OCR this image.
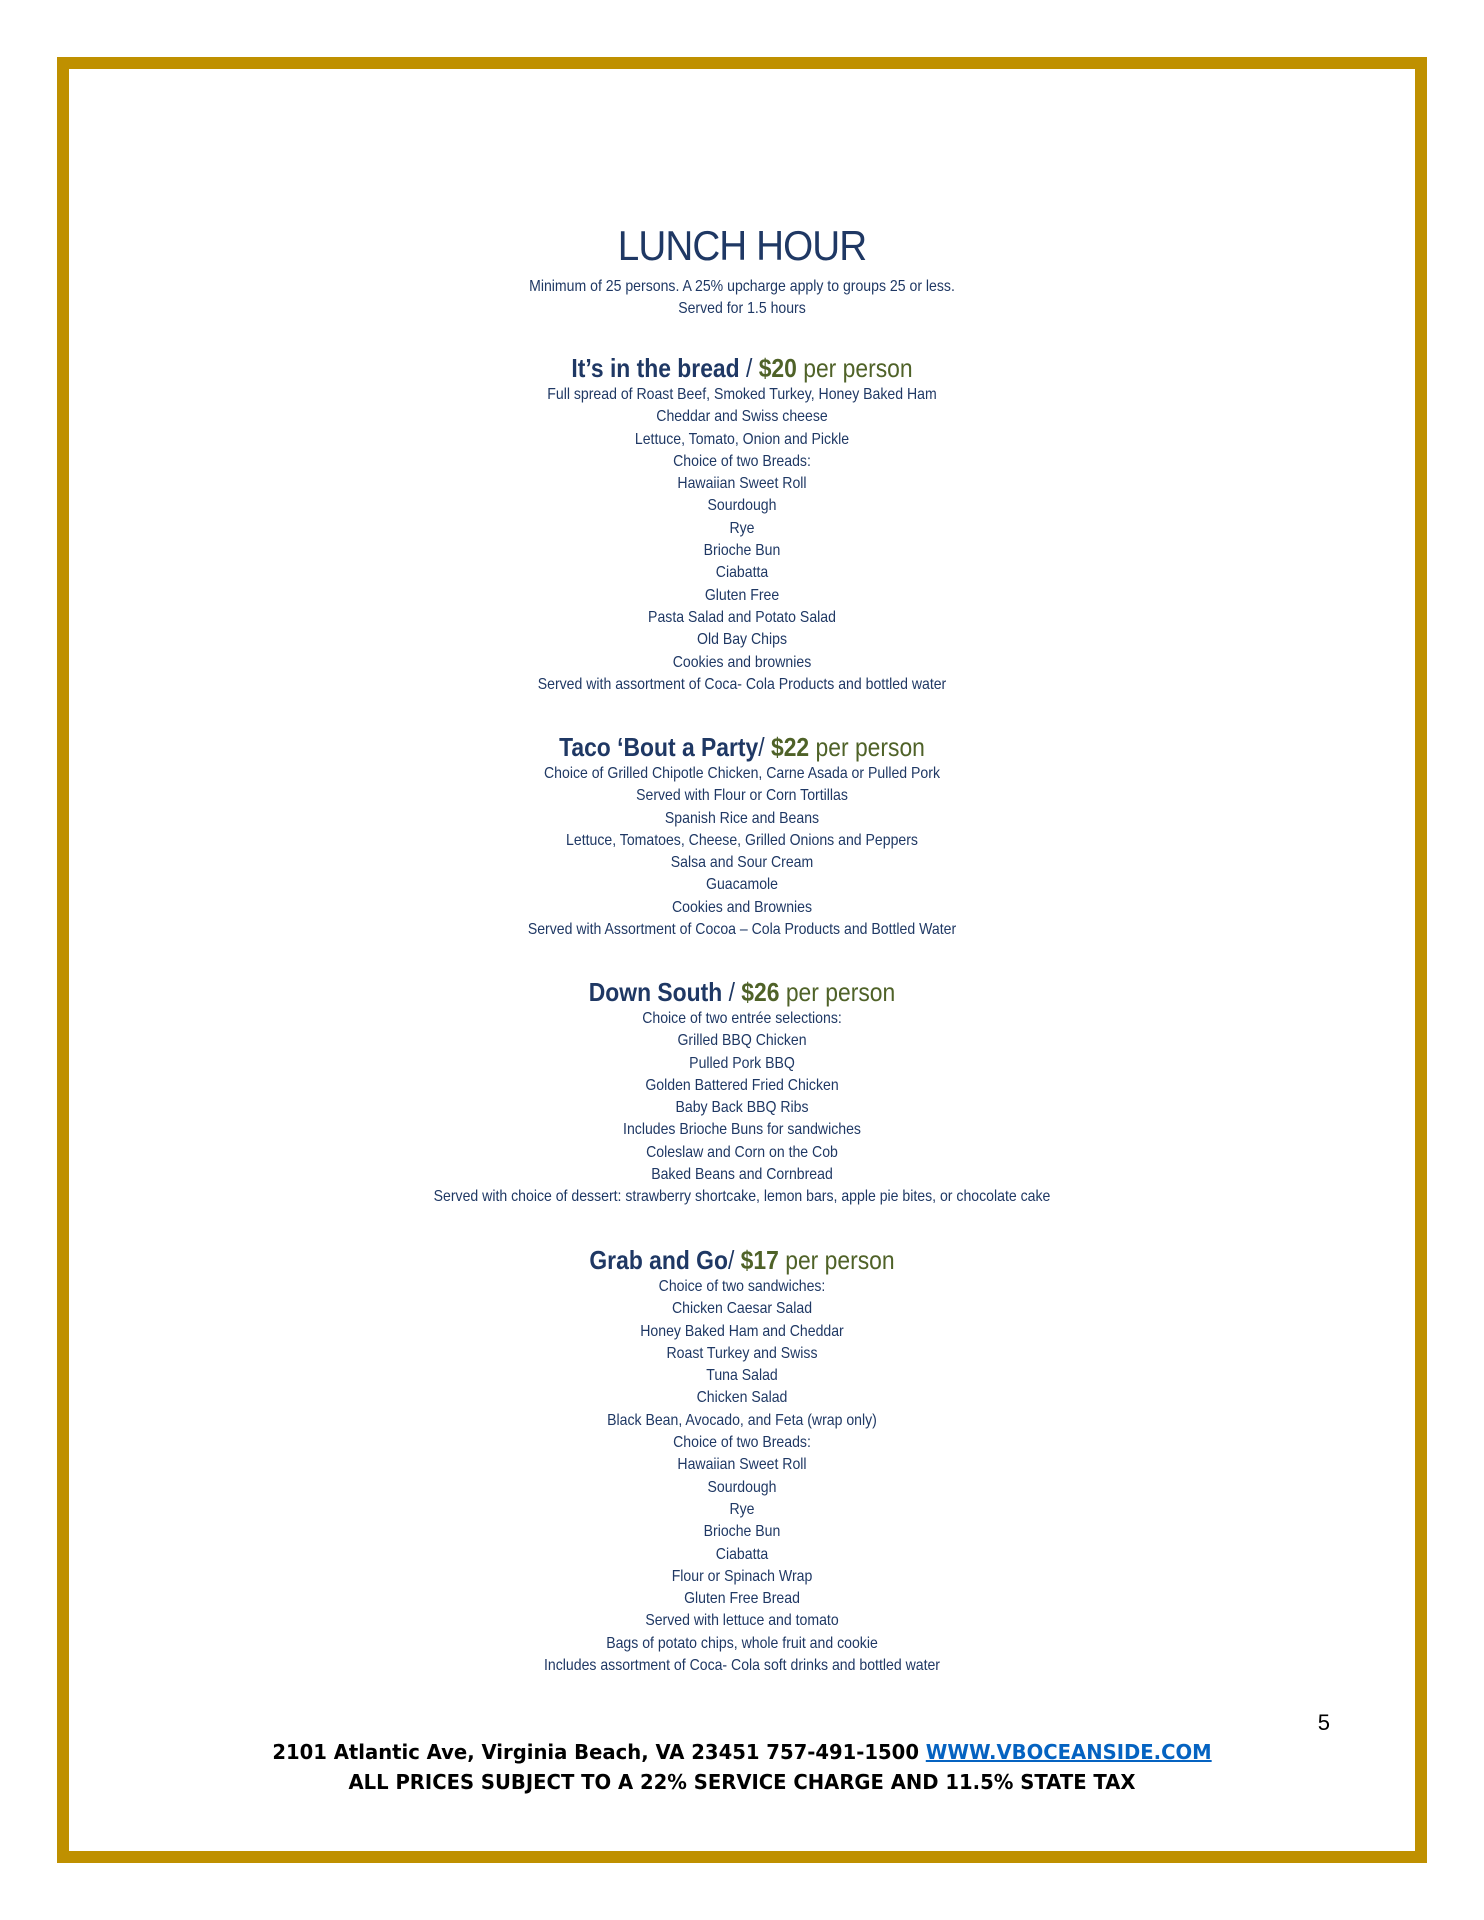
LUNCH HOUR
Minimum of 25 persons. A 25% upcharge apply to groups 25 or less.
Served for 1.5 hours
It’s in the bread / $20 per person
Full spread of Roast Beef, Smoked Turkey, Honey Baked Ham
Cheddar and Swiss cheese
Lettuce, Tomato, Onion and Pickle
Choice of two Breads:
Hawaiian Sweet Roll
Sourdough
Rye
Brioche Bun
Ciabatta
Gluten Free
Pasta Salad and Potato Salad
Old Bay Chips
Cookies and brownies
Served with assortment of Coca- Cola Products and bottled water
Taco ‘Bout a Party/ $22 per person
Choice of Grilled Chipotle Chicken, Carne Asada or Pulled Pork
Served with Flour or Corn Tortillas
Spanish Rice and Beans
Lettuce, Tomatoes, Cheese, Grilled Onions and Peppers
Salsa and Sour Cream
Guacamole
Cookies and Brownies
Served with Assortment of Cocoa – Cola Products and Bottled Water
Down South / $26 per person
Choice of two entrée selections:
Grilled BBQ Chicken
Pulled Pork BBQ
Golden Battered Fried Chicken
Baby Back BBQ Ribs
Includes Brioche Buns for sandwiches
Coleslaw and Corn on the Cob
Baked Beans and Cornbread
Served with choice of dessert: strawberry shortcake, lemon bars, apple pie bites, or chocolate cake
Grab and Go/ $17 per person
Choice of two sandwiches:
Chicken Caesar Salad
Honey Baked Ham and Cheddar
Roast Turkey and Swiss
Tuna Salad
Chicken Salad
Black Bean, Avocado, and Feta (wrap only)
Choice of two Breads:
Hawaiian Sweet Roll
Sourdough
Rye
Brioche Bun
Ciabatta
Flour or Spinach Wrap
Gluten Free Bread
Served with lettuce and tomato
Bags of potato chips, whole fruit and cookie
Includes assortment of Coca- Cola soft drinks and bottled water
5
2101 Atlantic Ave, Virginia Beach, VA 23451 757-491-1500 WWW.VBOCEANSIDE.COM
ALL PRICES SUBJECT TO A 22% SERVICE CHARGE AND 11.5% STATE TAX
